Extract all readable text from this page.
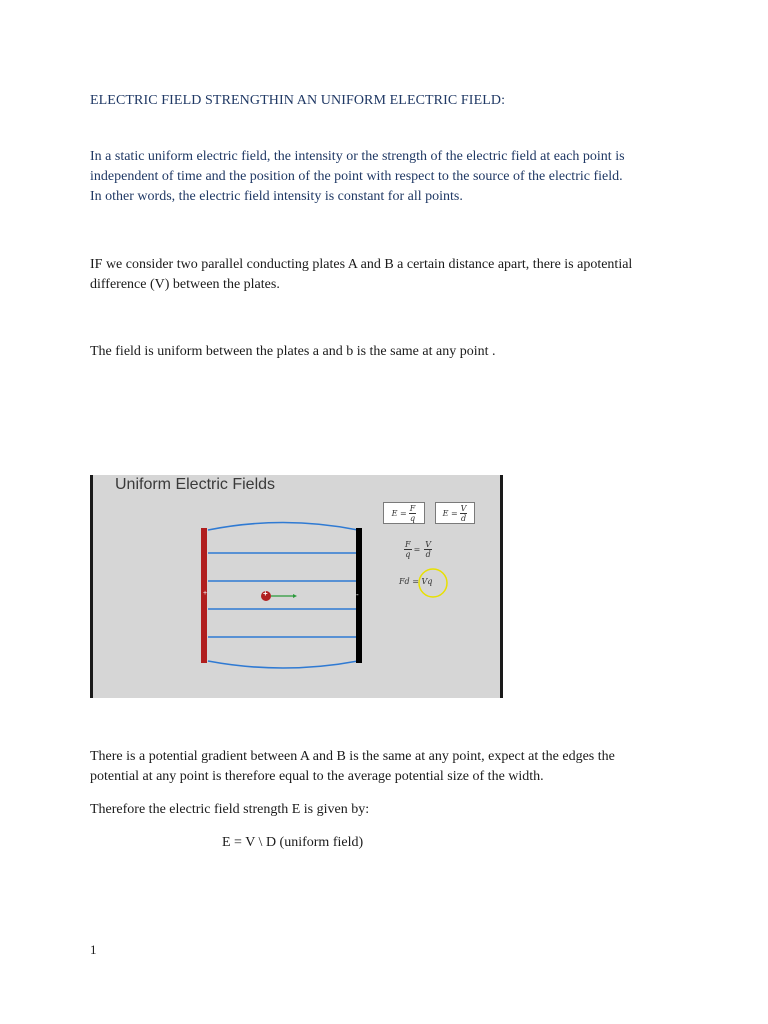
ELECTRIC FIELD STRENGTHIN AN UNIFORM ELECTRIC FIELD:

In a static uniform electric field, the intensity or the strength of the electric field at each point is

independent of time and the position of the point with respect to the source of the electric field.

In other words, the electric field intensity is constant for all points.

IF we consider two parallel conducting plates A and B a certain distance apart, there is apotential

difference (V) between the plates.

The field is uniform between the plates a and b is the same at any point .

Uniform Electric Fields

+	-
+
$E = \frac{F}{q}$	$E = \frac{V}{d}$
$\frac{F}{q} = \frac{V}{d}$
Fd = Vq

There is a potential gradient between A and B is the same at any point, expect at the edges the

potential at any point is therefore equal to the average potential size of the width.

Therefore the electric field strength E is given by:

E = V \ D (uniform field)

1
